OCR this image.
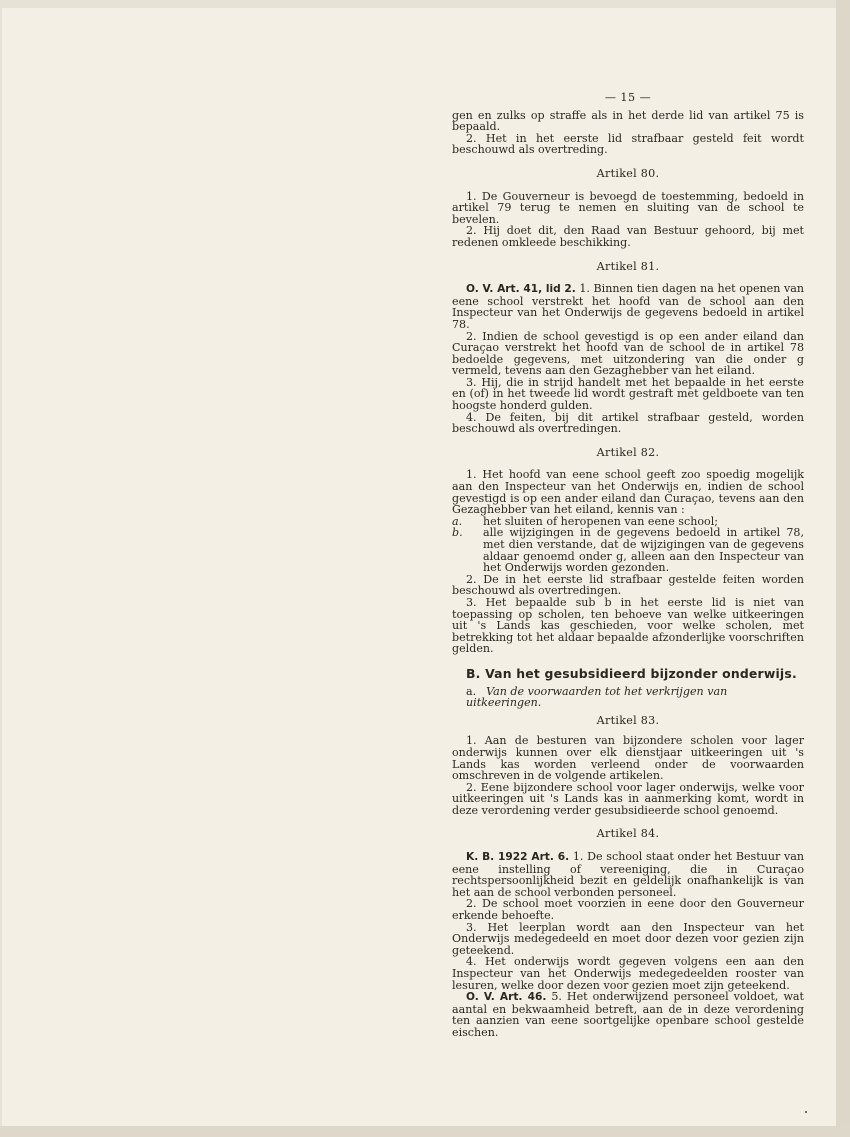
— 15 —

gen en zulks op straffe als in het derde lid van artikel 75 is bepaald.

2. Het in het eerste lid strafbaar gesteld feit wordt beschouwd als overtreding.

Artikel 80.

1. De Gouverneur is bevoegd de toestemming, bedoeld in artikel 79 terug te nemen en sluiting van de school te bevelen.

2. Hij doet dit, den Raad van Bestuur gehoord, bij met redenen omkleede beschikking.

Artikel 81.

O. V. Art. 41, lid 2. 1. Binnen tien dagen na het openen van eene school verstrekt het hoofd van de school aan den Inspecteur van het Onderwijs de gegevens bedoeld in artikel 78.

2. Indien de school gevestigd is op een ander eiland dan Curaçao verstrekt het hoofd van de school de in artikel 78 bedoelde gegevens, met uitzondering van die onder g vermeld, tevens aan den Gezaghebber van het eiland.

3. Hij, die in strijd handelt met het bepaalde in het eerste en (of) in het tweede lid wordt gestraft met geldboete van ten hoogste honderd gulden.

4. De feiten, bij dit artikel strafbaar gesteld, worden beschouwd als overtredingen.

Artikel 82.

1. Het hoofd van eene school geeft zoo spoedig mogelijk aan den Inspecteur van het Onderwijs en, indien de school gevestigd is op een ander eiland dan Curaçao, tevens aan den Gezaghebber van het eiland, kennis van :

a.	het sluiten of heropenen van eene school;
b.	alle wijzigingen in de gegevens bedoeld in artikel 78, met dien verstande, dat de wijzigingen van de gegevens aldaar genoemd onder g, alleen aan den Inspecteur van het Onderwijs worden gezonden.

2. De in het eerste lid strafbaar gestelde feiten worden beschouwd als overtredingen.

3. Het bepaalde sub b in het eerste lid is niet van toepassing op scholen, ten behoeve van welke uitkeeringen uit 's Lands kas geschieden, voor welke scholen, met betrekking tot het aldaar bepaalde afzonderlijke voorschriften gelden.

B. Van het gesubsidieerd bijzonder onderwijs.
a. Van de voorwaarden tot het verkrijgen van uitkeeringen.
Artikel 83.

1. Aan de besturen van bijzondere scholen voor lager onderwijs kunnen over elk dienstjaar uitkeeringen uit 's Lands kas worden verleend onder de voorwaarden omschreven in de volgende artikelen.

2. Eene bijzondere school voor lager onderwijs, welke voor uitkeeringen uit 's Lands kas in aanmerking komt, wordt in deze verordening verder gesubsidieerde school genoemd.

Artikel 84.

K. B. 1922 Art. 6. 1. De school staat onder het Bestuur van eene instelling of vereeniging, die in Curaçao rechtspersoonlijkheid bezit en geldelijk onafhankelijk is van het aan de school verbonden personeel.

2. De school moet voorzien in eene door den Gouverneur erkende behoefte.

3. Het leerplan wordt aan den Inspecteur van het Onderwijs medegedeeld en moet door dezen voor gezien zijn geteekend.

4. Het onderwijs wordt gegeven volgens een aan den Inspecteur van het Onderwijs medegedeelden rooster van lesuren, welke door dezen voor gezien moet zijn geteekend.

O. V. Art. 46. 5. Het onderwijzend personeel voldoet, wat aantal en bekwaamheid betreft, aan de in deze verordening ten aanzien van eene soortgelijke openbare school gestelde eischen.
